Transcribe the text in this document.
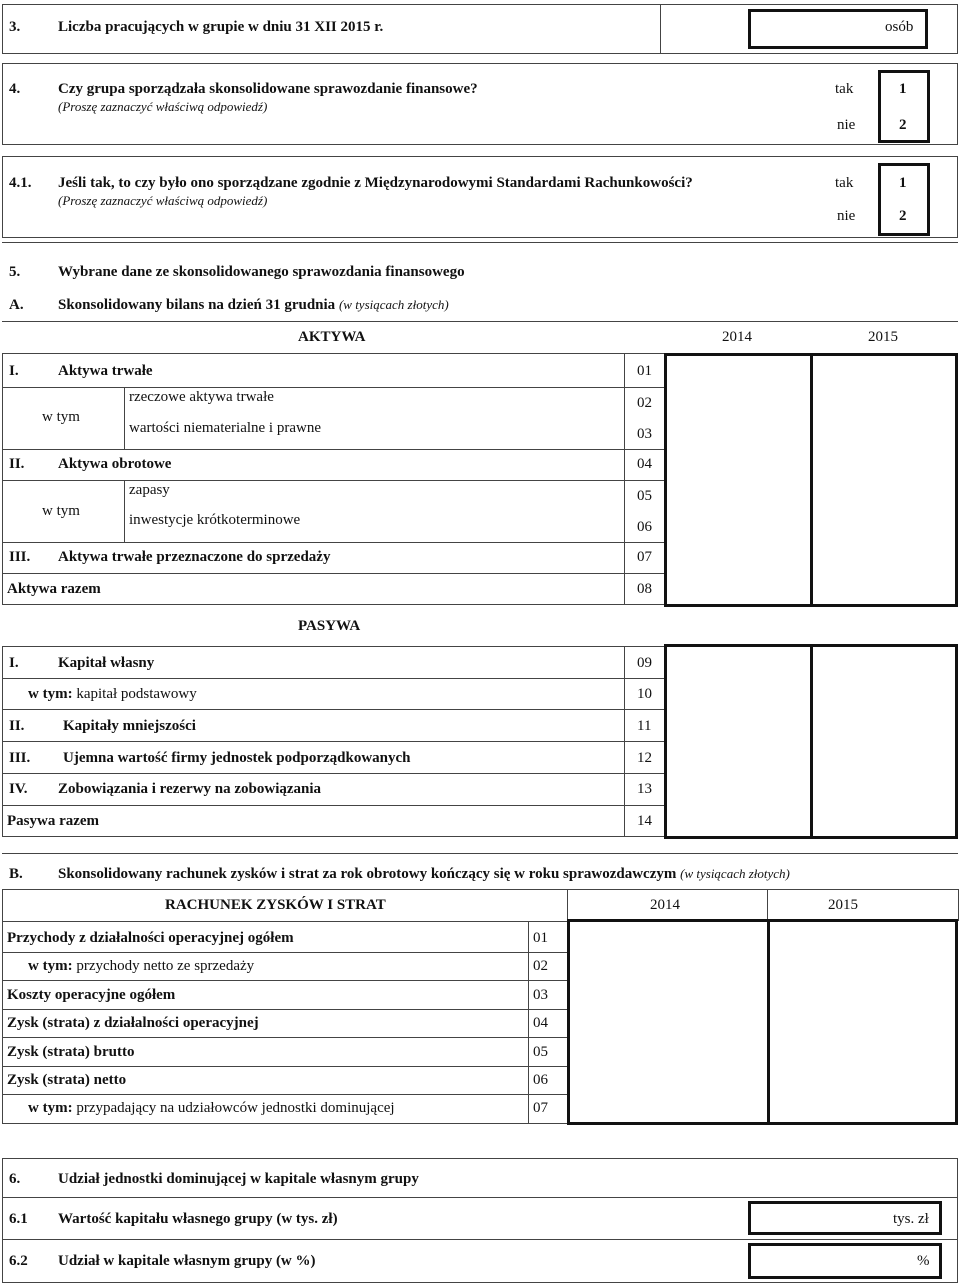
3.	Liczba pracujących w grupie w dniu 31 XII 2015 r.	osób
4.	Czy grupa sporządzała skonsolidowane sprawozdanie finansowe?
(Proszę zaznaczyć właściwą odpowiedź)
tak
nie
1
2
4.1. Jeśli tak, to czy było ono sporządzane zgodnie z Międzynarodowymi Standardami Rachunkowości?
(Proszę zaznaczyć właściwą odpowiedź)
tak
nie
1
2
5.	Wybrane dane ze skonsolidowanego sprawozdania finansowego
A. Skonsolidowany bilans na dzień 31 grudnia (w tysiącach złotych)
AKTYWA	2014	2015
I.	Aktywa trwałe	01
w tym
rzeczowe aktywa trwałe	02
wartości niematerialne i prawne	03
II. Aktywa obrotowe	04
w tym
zapasy	05
inwestycje krótkoterminowe	06
III. Aktywa trwałe przeznaczone do sprzedaży	07
Aktywa razem	08
PASYWA
I.	Kapitał własny	09
w tym: kapitał podstawowy	10
II.	Kapitały mniejszości	11
III. Ujemna wartość firmy jednostek podporządkowanych	12
IV. Zobowiązania i rezerwy na zobowiązania	13
Pasywa razem	14
B. Skonsolidowany rachunek zysków i strat za rok obrotowy kończący się w roku sprawozdawczym (w tysiącach złotych)
RACHUNEK ZYSKÓW I STRAT	2014	2015
Przychody z działalności operacyjnej ogółem	01
w tym: przychody netto ze sprzedaży	02
Koszty operacyjne ogółem	03
Zysk (strata) z działalności operacyjnej	04
Zysk (strata) brutto	05
Zysk (strata) netto	06
w tym: przypadający na udziałowców jednostki dominującej	07
6.	Udział jednostki dominującej w kapitale własnym grupy
6.1 Wartość kapitału własnego grupy (w tys. zł)	tys. zł
6.2 Udział w kapitale własnym grupy (w %)	%
